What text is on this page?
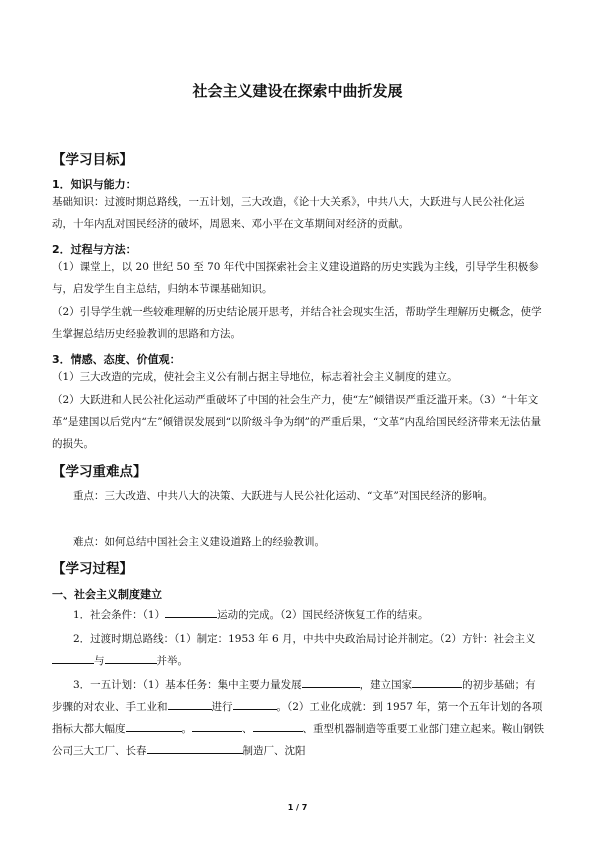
社会主义建设在探索中曲折发展
【学习目标】
1．知识与能力：
基础知识：过渡时期总路线，一五计划，三大改造，《论十大关系》，中共八大，大跃进与人民公社化运动，十年内乱对国民经济的破坏，周恩来、邓小平在文革期间对经济的贡献。
2．过程与方法：
（1）课堂上，以 20 世纪 50 至 70 年代中国探索社会主义建设道路的历史实践为主线，引导学生积极参与，启发学生自主总结，归纳本节课基础知识。
（2）引导学生就一些较难理解的历史结论展开思考，并结合社会现实生活，帮助学生理解历史概念，使学生掌握总结历史经验教训的思路和方法。
3．情感、态度、价值观：
（1）三大改造的完成，使社会主义公有制占据主导地位，标志着社会主义制度的建立。
（2）大跃进和人民公社化运动严重破坏了中国的社会生产力，使“左”倾错误严重泛滥开来。（3）“十年文革”是建国以后党内“左”倾错误发展到“以阶级斗争为纲”的严重后果，“文革”内乱给国民经济带来无法估量的损失。
【学习重难点】
重点：三大改造、中共八大的决策、大跃进与人民公社化运动、“文革”对国民经济的影响。
难点：如何总结中国社会主义建设道路上的经验教训。
【学习过程】
一、社会主义制度建立
1．社会条件：（1）	运动的完成。（2）国民经济恢复工作的结束。
2．过渡时期总路线：（1）制定：1953 年 6 月，中共中央政治局讨论并制定。（2）方针：社会主义与	并举。
3．一五计划：（1）基本任务：集中主要力量发展	，建立国家	的初步基础；有步骤的对农业、手工业和	进行	。（2）工业化成就：到 1957 年，第一个五年计划的各项指标大都大幅度	。	、	、重型机器制造等重要工业部门建立起来。鞍山钢铁公司三大工厂、长春	制造厂、沈阳
1 / 7
